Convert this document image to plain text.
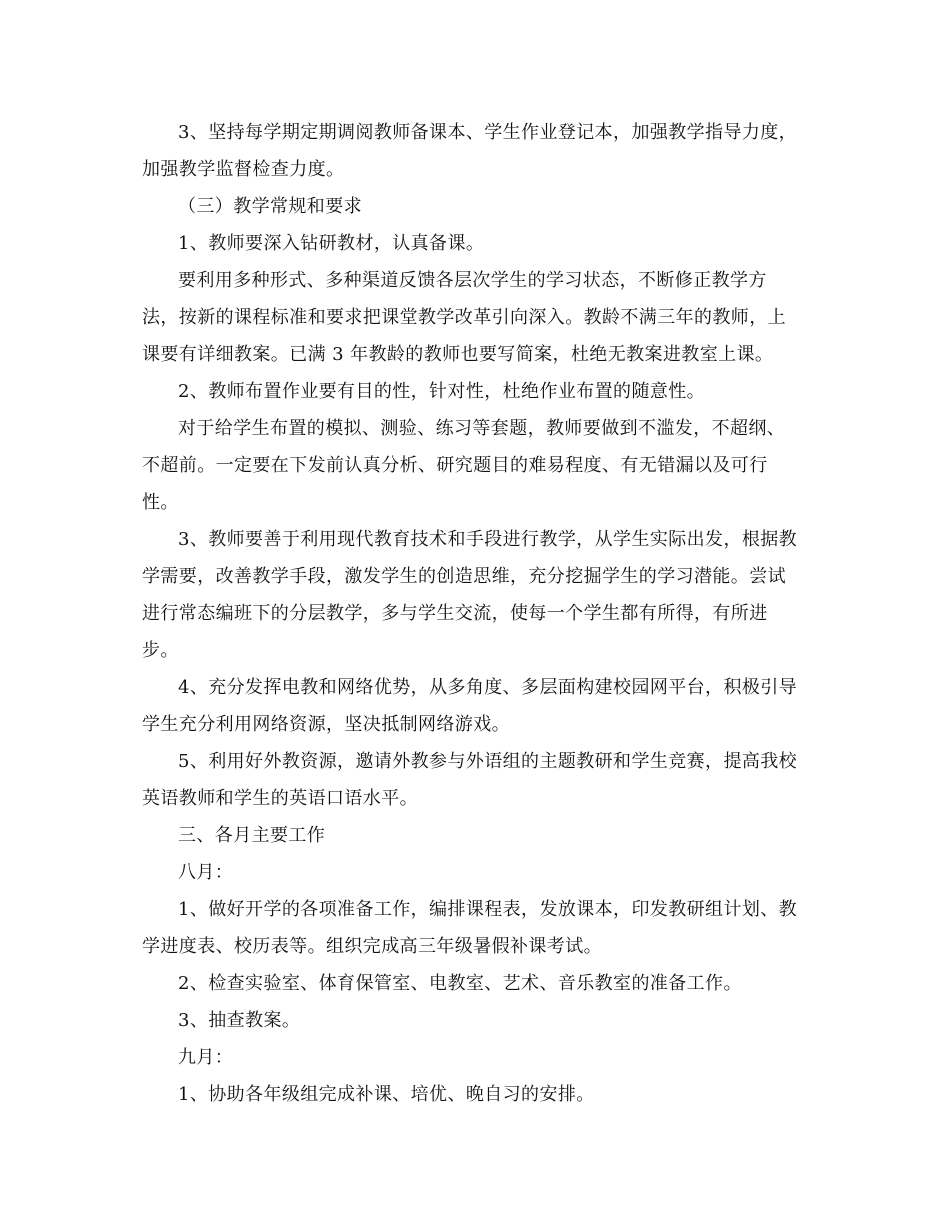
3、坚持每学期定期调阅教师备课本、学生作业登记本，加强教学指导力度，
加强教学监督检查力度。
（三）教学常规和要求
1、教师要深入钻研教材，认真备课。
要利用多种形式、多种渠道反馈各层次学生的学习状态，不断修正教学方
法，按新的课程标准和要求把课堂教学改革引向深入。教龄不满三年的教师，上
课要有详细教案。已满 3 年教龄的教师也要写简案，杜绝无教案进教室上课。
2、教师布置作业要有目的性，针对性，杜绝作业布置的随意性。
对于给学生布置的模拟、测验、练习等套题，教师要做到不滥发，不超纲、
不超前。一定要在下发前认真分析、研究题目的难易程度、有无错漏以及可行
性。
3、教师要善于利用现代教育技术和手段进行教学，从学生实际出发，根据教
学需要，改善教学手段，激发学生的创造思维，充分挖掘学生的学习潜能。尝试
进行常态编班下的分层教学，多与学生交流，使每一个学生都有所得，有所进
步。
4、充分发挥电教和网络优势，从多角度、多层面构建校园网平台，积极引导
学生充分利用网络资源，坚决抵制网络游戏。
5、利用好外教资源，邀请外教参与外语组的主题教研和学生竞赛，提高我校
英语教师和学生的英语口语水平。
三、各月主要工作
八月：
1、做好开学的各项准备工作，编排课程表，发放课本，印发教研组计划、教
学进度表、校历表等。组织完成高三年级暑假补课考试。
2、检查实验室、体育保管室、电教室、艺术、音乐教室的准备工作。
3、抽查教案。
九月：
1、协助各年级组完成补课、培优、晚自习的安排。
